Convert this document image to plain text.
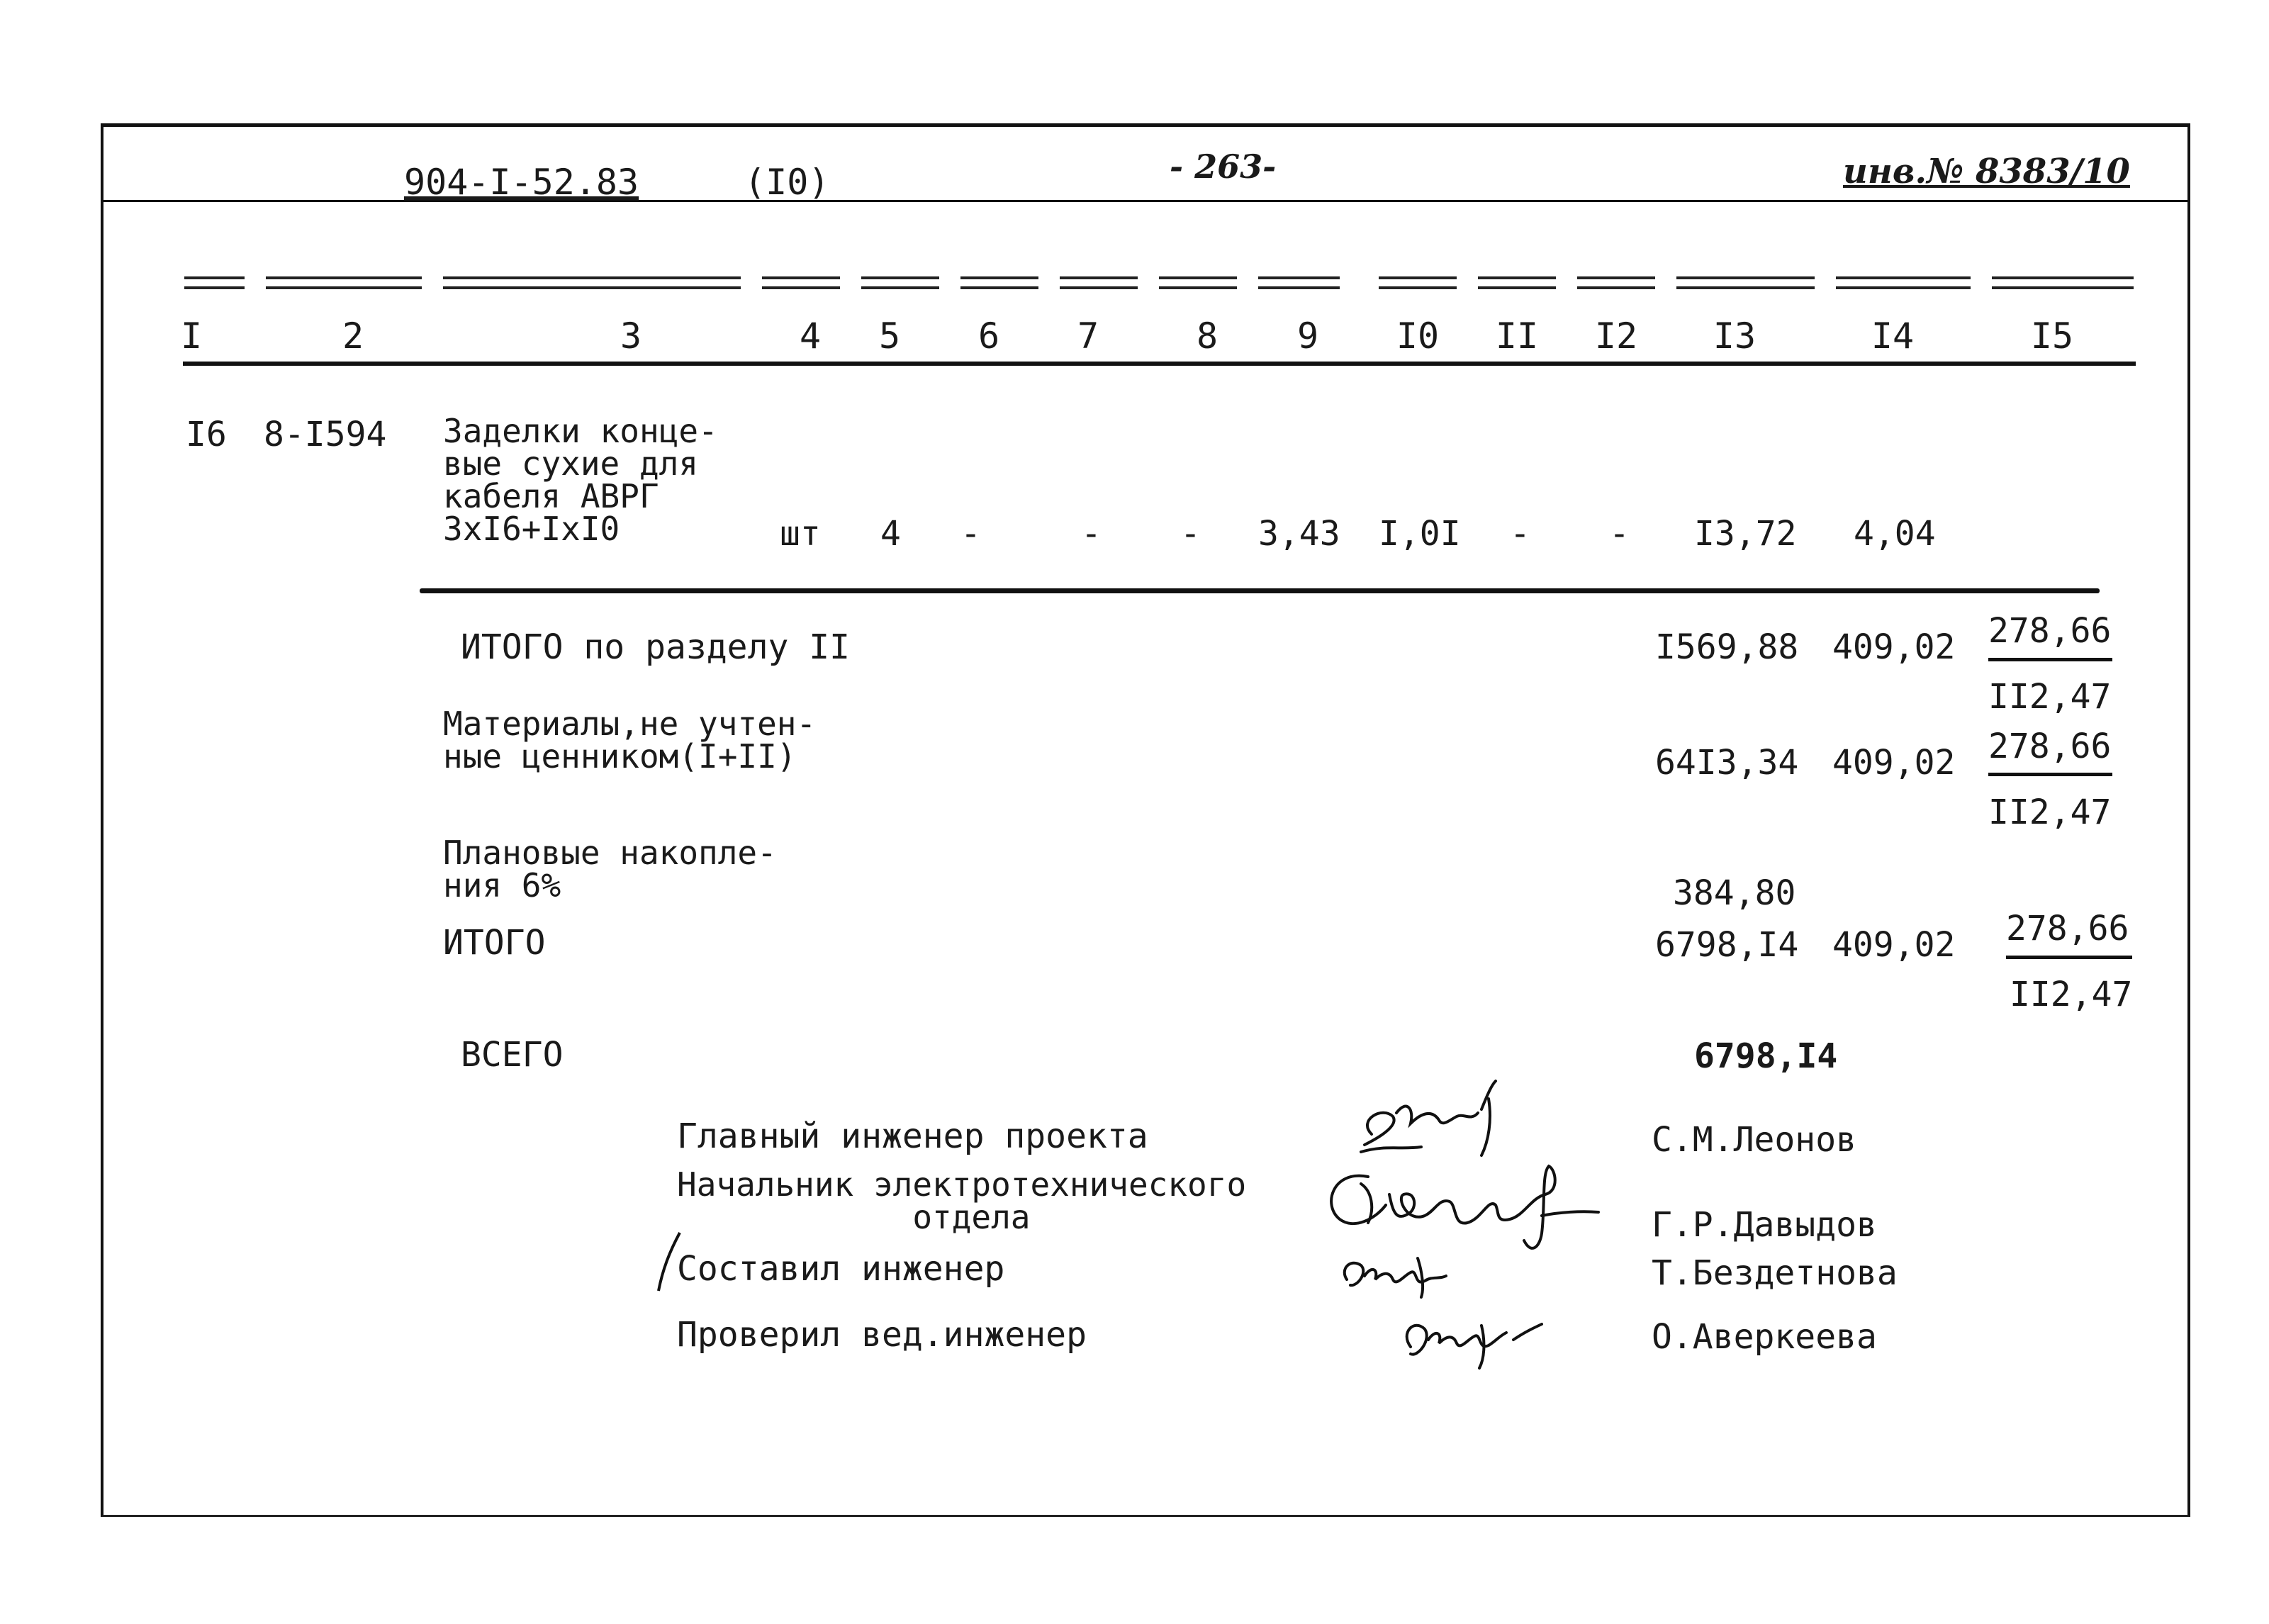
904-I-52.83	(I0)	- 263-	инв.№ 8383/10
I	2	3	4	5	6	7	8	9	I0 II I2 I3	I4	I5
I6 8-I594 Заделки конце-
вые сухие для
кабеля АВРГ
3хI6+IхI0	шт 4 -	- - 3,43 I,0I - - I3,72 4,04
ИТОГО по разделу II	I569,88 409,02 278,66
II2,47
Материалы,не учтен-
ные ценником(I+II)	64I3,34 409,02 278,66
II2,47
Плановые накопле-
ния 6%	384,80
ИТОГО	6798,I4 409,02 278,66
II2,47
ВСЕГО	6798,I4
Главный инженер проекта	С.М.Леонов
Начальник электротехнического
отдела	Г.Р.Давыдов
Составил инженер	Т.Бездетнова
Проверил вед.инженер	О.Аверкеева
